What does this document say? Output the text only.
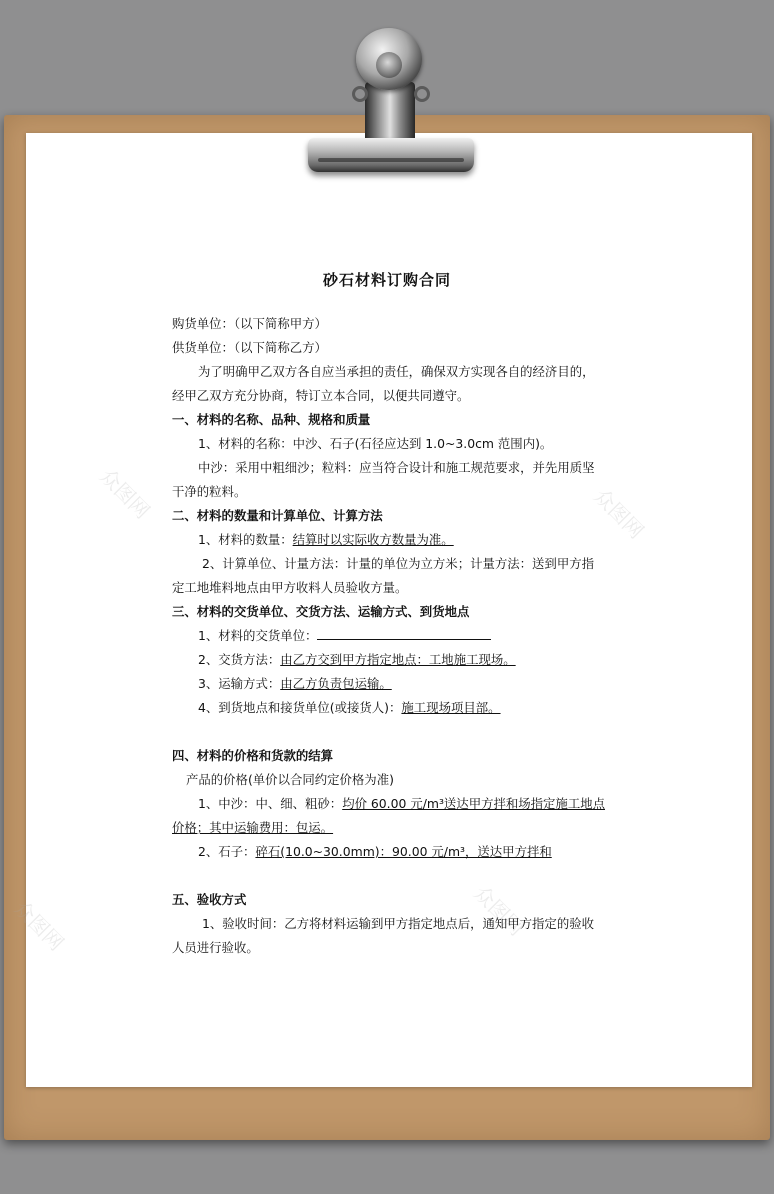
众图网	众图网
众图网	众图网
砂石材料订购合同
购货单位：（以下简称甲方）
供货单位：（以下简称乙方）
为了明确甲乙双方各自应当承担的责任，确保双方实现各自的经济目的，
经甲乙双方充分协商，特订立本合同，以便共同遵守。
一、材料的名称、品种、规格和质量
1、材料的名称：中沙、石子(石径应达到 1.0~3.0cm 范围内)。
中沙：采用中粗细沙；粒料：应当符合设计和施工规范要求，并先用质坚
干净的粒料。
二、材料的数量和计算单位、计算方法
1、材料的数量：结算时以实际收方数量为准。
2、计算单位、计量方法：计量的单位为立方米；计量方法：送到甲方指
定工地堆料地点由甲方收料人员验收方量。
三、材料的交货单位、交货方法、运输方式、到货地点
1、材料的交货单位：
2、交货方法：由乙方交到甲方指定地点：工地施工现场。
3、运输方式：由乙方负责包运输。
4、到货地点和接货单位(或接货人)：施工现场项目部。
四、材料的价格和货款的结算
产品的价格(单价以合同约定价格为准)
1、中沙：中、细、粗砂：均价 60.00 元/m³送达甲方拌和场指定施工地点
价格；其中运输费用：包运。
2、石子：碎石(10.0~30.0mm)：90.00 元/m³，送达甲方拌和
五、验收方式
1、验收时间：乙方将材料运输到甲方指定地点后，通知甲方指定的验收
人员进行验收。
